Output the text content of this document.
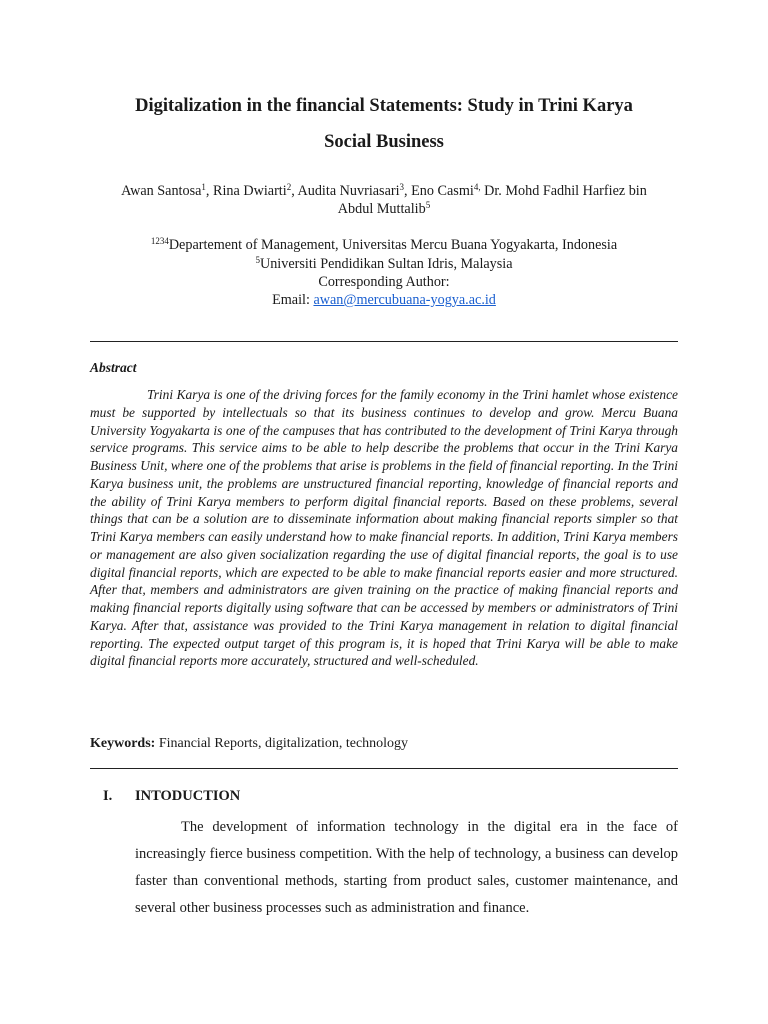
Digitalization in the financial Statements: Study in Trini Karya
Social Business
Awan Santosa$^1$, Rina Dwiarti$^2$, Audita Nuvriasari$^3$, Eno Casmi$^{4,}$ Dr. Mohd Fadhil Harfiez bin
Abdul Muttalib$^5$
$^{1234}$Departement of Management, Universitas Mercu Buana Yogyakarta, Indonesia
$^5$Universiti Pendidikan Sultan Idris, Malaysia
Corresponding Author:
Email: awan@mercubuana-yogya.ac.id
Abstract

Trini Karya is one of the driving forces for the family economy in the Trini hamlet whose existence must be supported by intellectuals so that its business continues to develop and grow. Mercu Buana University Yogyakarta is one of the campuses that has contributed to the development of Trini Karya through service programs. This service aims to be able to help describe the problems that occur in the Trini Karya Business Unit, where one of the problems that arise is problems in the field of financial reporting. In the Trini Karya business unit, the problems are unstructured financial reporting, knowledge of financial reports and the ability of Trini Karya members to perform digital financial reports. Based on these problems, several things that can be a solution are to disseminate information about making financial reports simpler so that Trini Karya members can easily understand how to make financial reports. In addition, Trini Karya members or management are also given socialization regarding the use of digital financial reports, the goal is to use digital financial reports, which are expected to be able to make financial reports easier and more structured. After that, members and administrators are given training on the practice of making financial reports and making financial reports digitally using software that can be accessed by members or administrators of Trini Karya. After that, assistance was provided to the Trini Karya management in relation to digital financial reporting. The expected output target of this program is, it is hoped that Trini Karya will be able to make digital financial reports more accurately, structured and well-scheduled.

Keywords: Financial Reports, digitalization, technology
I. INTODUCTION

The development of information technology in the digital era in the face of increasingly fierce business competition. With the help of technology, a business can develop faster than conventional methods, starting from product sales, customer maintenance, and several other business processes such as administration and finance.
